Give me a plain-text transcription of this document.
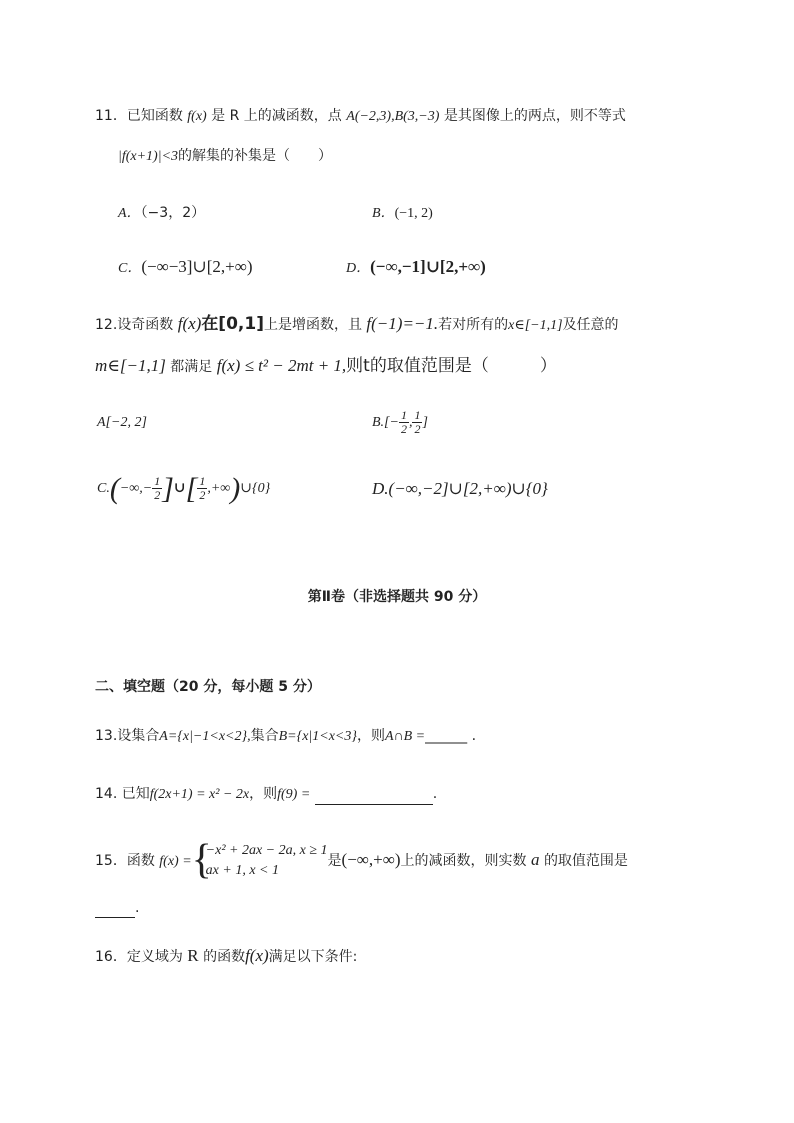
11．已知函数 f(x) 是 R 上的减函数，点 A(−2,3),B(3,−3) 是其图像上的两点，则不等式
|f(x+1)|<3的解集的补集是（　　）
A．（−3，2）	B．(−1, 2)
C．(−∞−3]∪[2,+∞)	D．(−∞,−1]∪[2,+∞)
12.设奇函数 f(x)在[0,1]上是增函数，且 f(−1)=−1.若对所有的x∈[−1,1]及任意的
m∈[−1,1] 都满足 f(x) ≤ t² − 2mt + 1,则t的取值范围是（　　　）
A[−2, 2]	$B.[- \frac{1}{2}$ , $\frac{1}{2}$ ]
$C.(-\infty,- \frac{1}{2}$ ]∪[ $\frac{1}{2}$ ,+∞)∪{0}	D.(−∞,−2]∪[2,+∞)∪{0}
第Ⅱ卷（非选择题共 90 分）
二、填空题（20 分，每小题 5 分）
13.设集合A={x|−1<x<2},集合B={x|1<x<3}，则A∩B =______ .
14. 已知f(2x+1) = x² − 2x，则f(9) =	.
15．函数 f(x) = {
−x² + 2ax − 2a, x ≥ 1
ax + 1, x < 1
是(−∞,+∞)上的减函数，则实数 a 的取值范围是
.
16．定义域为 R 的函数f(x)满足以下条件:
